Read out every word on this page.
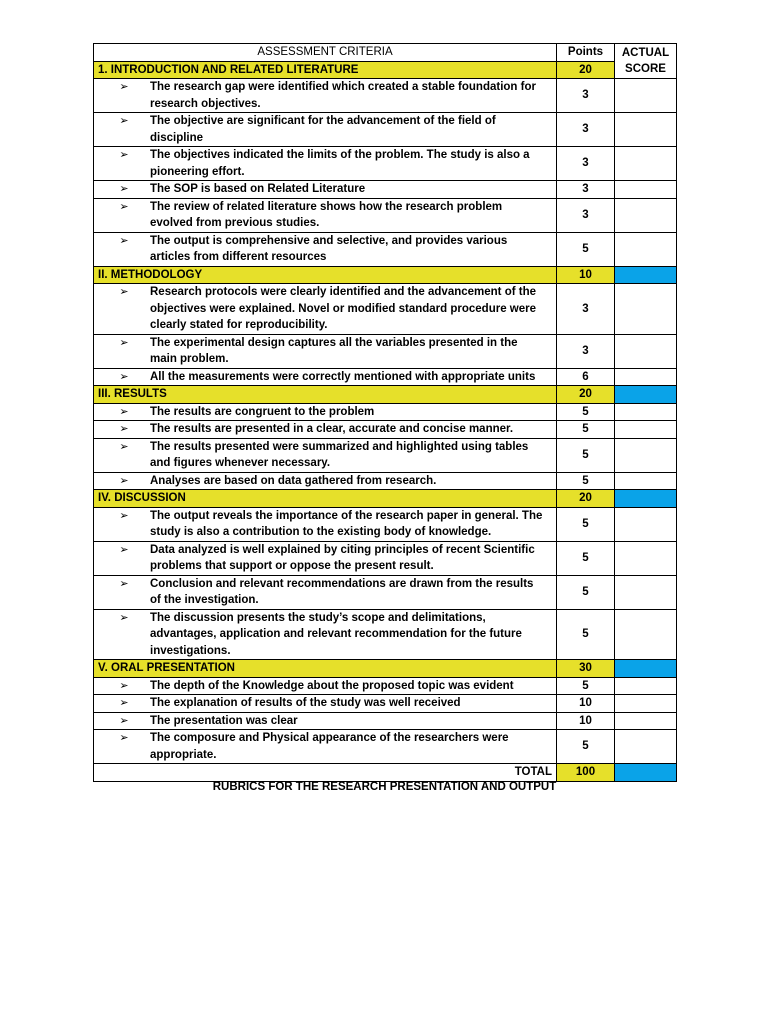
ASSESSMENT CRITERIA	Points	ACTUAL SCORE
1. INTRODUCTION AND RELATED LITERATURE	20	
➢ The research gap were identified which created a stable foundation for research objectives.	3	
➢ The objective are significant for the advancement of the field of discipline	3	
➢ The objectives indicated the limits of the problem. The study is also a pioneering effort.	3	
➢ The SOP is based on Related Literature	3	
➢ The review of related literature shows how the research problem evolved from previous studies.	3	
➢ The output is comprehensive and selective, and provides various articles from different resources	5	
II. METHODOLOGY	10	
➢ Research protocols were clearly identified and the advancement of the objectives were explained. Novel or modified standard procedure were clearly stated for reproducibility.	3	
➢ The experimental design captures all the variables presented in the main problem.	3	
➢ All the measurements were correctly mentioned with appropriate units	6	
III. RESULTS	20	
➢ The results are congruent to the problem	5	
➢ The results are presented in a clear, accurate and concise manner.	5	
➢ The results presented were summarized and highlighted using tables and figures whenever necessary.	5	
➢ Analyses are based on data gathered from research.	5	
IV. DISCUSSION	20	
➢ The output reveals the importance of the research paper in general. The study is also a contribution to the existing body of knowledge.	5	
➢ Data analyzed is well explained by citing principles of recent Scientific problems that support or oppose the present result.	5	
➢ Conclusion and relevant recommendations are drawn from the results of the investigation.	5	
➢ The discussion presents the study’s scope and delimitations, advantages, application and relevant recommendation for the future investigations.	5	
V. ORAL PRESENTATION	30	
➢ The depth of the Knowledge about the proposed topic was evident	5	
➢ The explanation of results of the study was well received	10	
➢ The presentation was clear	10	
➢ The composure and Physical appearance of the researchers were appropriate.	5	
TOTAL	100	
RUBRICS FOR THE RESEARCH PRESENTATION AND OUTPUT
